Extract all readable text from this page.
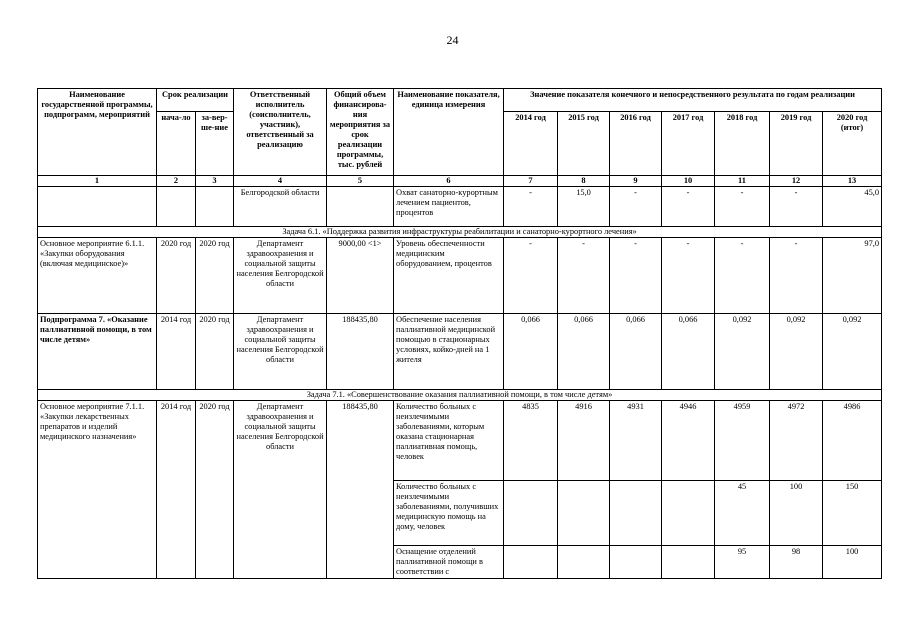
24
Наименование государственной программы, подпрограмм, мероприятий	Срок реализации		Ответственный исполнитель (соисполнитель, участник), ответственный за реализацию	Общий объем финансирова-ния мероприятия за срок реализации программы, тыс. рублей	Наименование показателя, единица измерения	Значение показателя конечного и непосредственного результата по годам реализации						
	нача-ло	за-вер-ше-ние				2014 год	2015 год	2016 год	2017 год	2018 год	2019 год	2020 год (итог)
1	2	3	4	5	6	7	8	9	10	11	12	13
			Белгородской области		Охват санаторно-курортным лечением пациентов, процентов	-	15,0	-	-	-	-	45,0
Задача 6.1. «Поддержка развития инфраструктуры реабилитации и санаторно-курортного лечения»												
Основное мероприятие 6.1.1. «Закупки оборудования (включая медицинское)»	2020 год	2020 год	Департамент здравоохранения и социальной защиты населения Белгородской области	9000,00 <1>	Уровень обеспеченности медицинским оборудованием, процентов	-	-	-	-	-	-	97,0
Подпрограмма 7. «Оказание паллиативной помощи, в том числе детям»	2014 год	2020 год	Департамент здравоохранения и социальной защиты населения Белгородской области	188435,80	Обеспечение населения паллиативной медицинской помощью в стационарных условиях, койко-дней на 1 жителя	0,066	0,066	0,066	0,066	0,092	0,092	0,092
Задача 7.1. «Совершенствование оказания паллиативной помощи, в том числе детям»												
Основное мероприятие 7.1.1. «Закупки лекарственных препаратов и изделий медицинского назначения»	2014 год	2020 год	Департамент здравоохранения и социальной защиты населения Белгородской области	188435,80	Количество больных с неизлечимыми заболеваниями, которым оказана стационарная паллиативная помощь, человек	4835	4916	4931	4946	4959	4972	4986
					Количество больных с неизлечимыми заболеваниями, получивших медицинскую помощь на дому, человек					45	100	150
					Оснащение отделений паллиативной помощи в соответствии с					95	98	100
